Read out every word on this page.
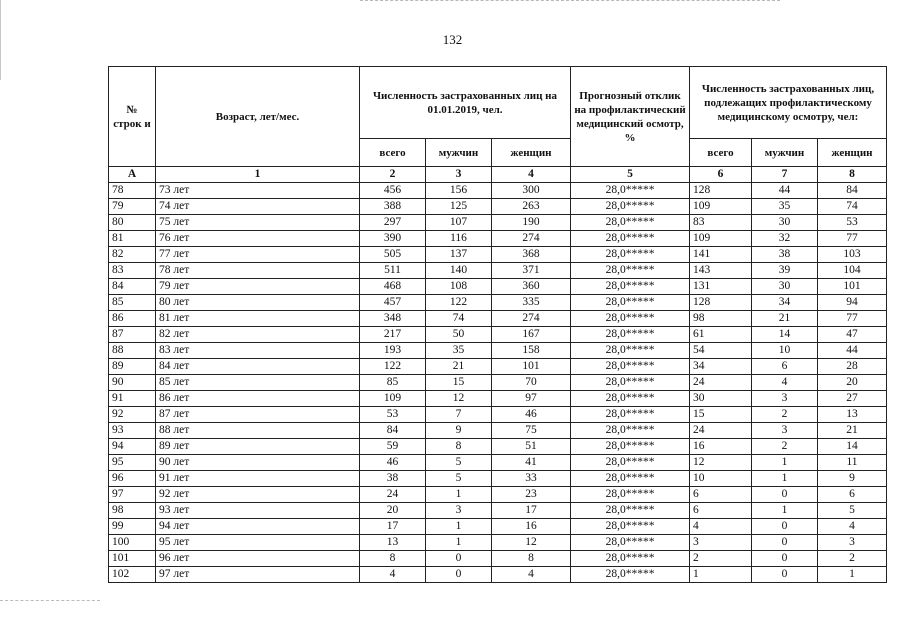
132
№ строк и	Возраст, лет/мес.	Численность застрахованных лиц на 01.01.2019, чел.			Прогнозный отклик на профилактический медицинский осмотр, %	Численность застрахованных лиц, подлежащих профилактическому медицинскому осмотру, чел:		
		всего	мужчин	женщин		всего	мужчин	женщин
А	1	2	3	4	5	6	7	8
78	73 лет	456	156	300	28,0*****	128	44	84
79	74 лет	388	125	263	28,0*****	109	35	74
80	75 лет	297	107	190	28,0*****	83	30	53
81	76 лет	390	116	274	28,0*****	109	32	77
82	77 лет	505	137	368	28,0*****	141	38	103
83	78 лет	511	140	371	28,0*****	143	39	104
84	79 лет	468	108	360	28,0*****	131	30	101
85	80 лет	457	122	335	28,0*****	128	34	94
86	81 лет	348	74	274	28,0*****	98	21	77
87	82 лет	217	50	167	28,0*****	61	14	47
88	83 лет	193	35	158	28,0*****	54	10	44
89	84 лет	122	21	101	28,0*****	34	6	28
90	85 лет	85	15	70	28,0*****	24	4	20
91	86 лет	109	12	97	28,0*****	30	3	27
92	87 лет	53	7	46	28,0*****	15	2	13
93	88 лет	84	9	75	28,0*****	24	3	21
94	89 лет	59	8	51	28,0*****	16	2	14
95	90 лет	46	5	41	28,0*****	12	1	11
96	91 лет	38	5	33	28,0*****	10	1	9
97	92 лет	24	1	23	28,0*****	6	0	6
98	93 лет	20	3	17	28,0*****	6	1	5
99	94 лет	17	1	16	28,0*****	4	0	4
100	95 лет	13	1	12	28,0*****	3	0	3
101	96 лет	8	0	8	28,0*****	2	0	2
102	97 лет	4	0	4	28,0*****	1	0	1
